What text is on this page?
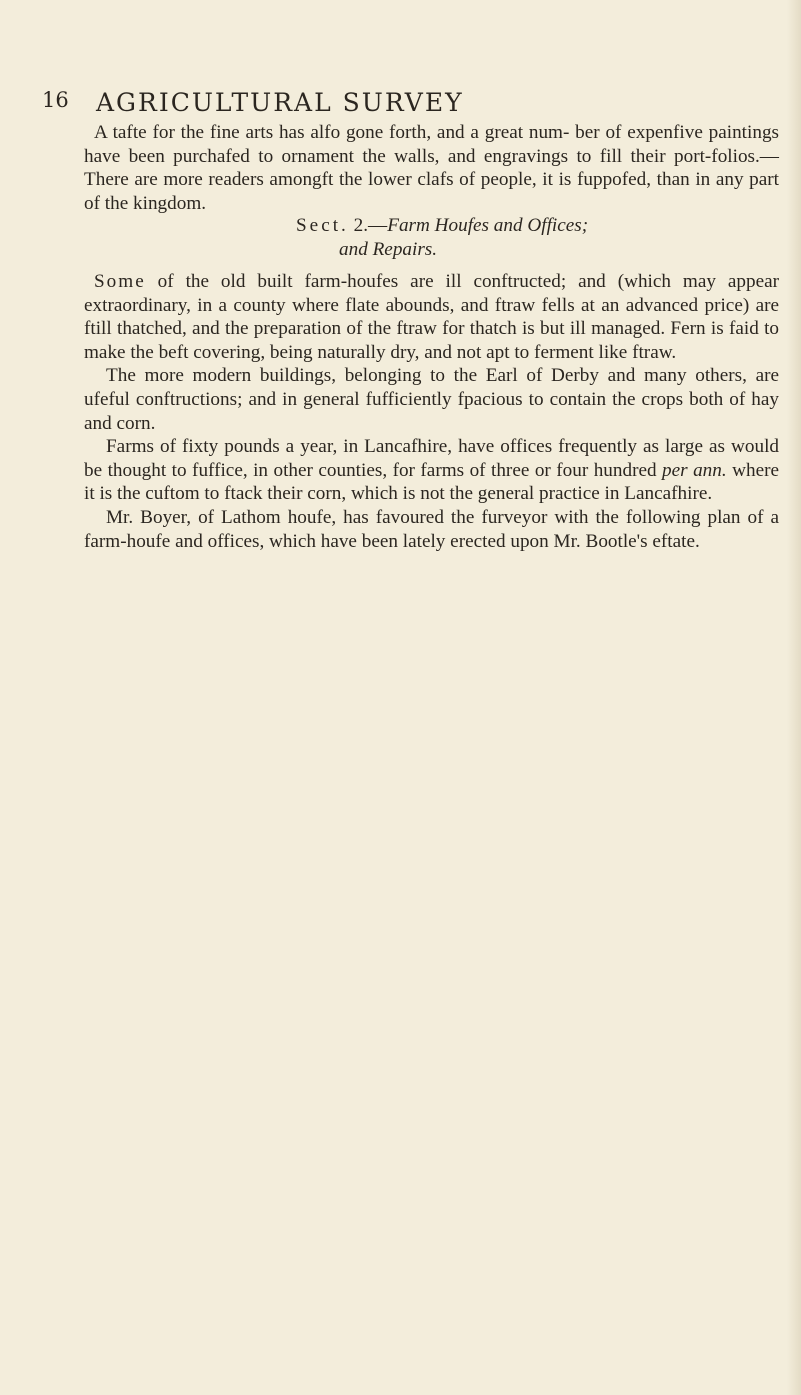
16 AGRICULTURAL SURVEY

A tafte for the fine arts has alfo gone forth, and a great num- ber of expenfive paintings have been purchafed to ornament the walls, and engravings to fill their port-folios.—There are more readers amongft the lower clafs of people, it is fuppofed, than in any part of the kingdom.

Sect. 2.—Farm Houfes and Offices;
and Repairs.
Some of the old built farm-houfes are ill conftructed; and (which may appear extraordinary, in a county where flate abounds, and ftraw fells at an advanced price) are ftill thatched, and the preparation of the ftraw for thatch is but ill managed. Fern is faid to make the beft covering, being naturally dry, and not apt to ferment like ftraw.
The more modern buildings, belonging to the Earl of Derby and many others, are ufeful conftructions; and in general fufficiently fpacious to contain the crops both of hay and corn.
Farms of fixty pounds a year, in Lancafhire, have offices frequently as large as would be thought to fuffice, in other counties, for farms of three or four hundred per ann. where it is the cuftom to ftack their corn, which is not the general practice in Lancafhire.
Mr. Boyer, of Lathom houfe, has favoured the furveyor with the following plan of a farm-houfe and offices, which have been lately erected upon Mr. Bootle's eftate.
